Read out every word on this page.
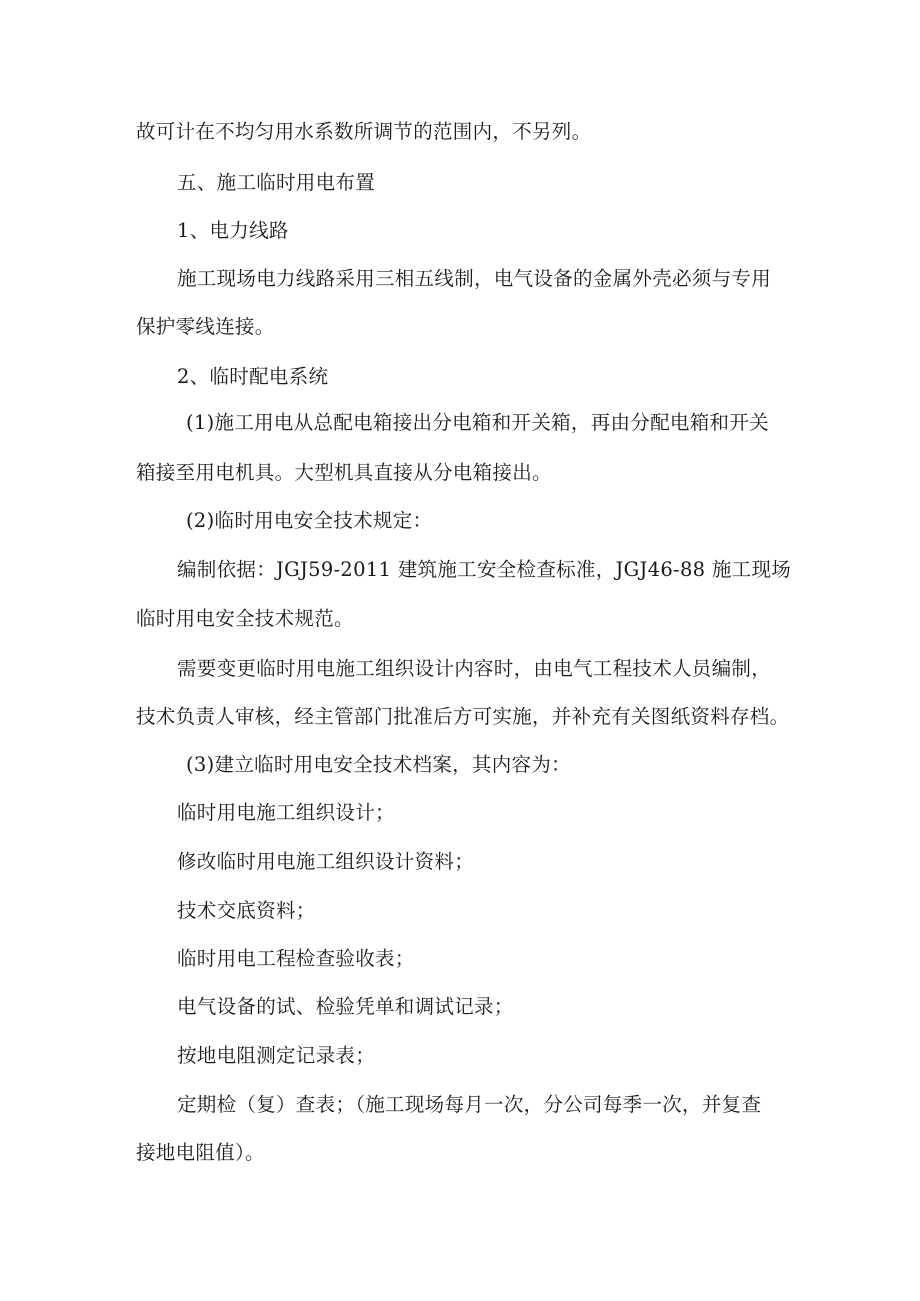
故可计在不均匀用水系数所调节的范围内，不另列。
五、施工临时用电布置
1、电力线路
施工现场电力线路采用三相五线制，电气设备的金属外壳必须与专用
保护零线连接。
2、临时配电系统
(1)施工用电从总配电箱接出分电箱和开关箱，再由分配电箱和开关
箱接至用电机具。大型机具直接从分电箱接出。
(2)临时用电安全技术规定：
编制依据：JGJ59-2011 建筑施工安全检查标准，JGJ46-88 施工现场
临时用电安全技术规范。
需要变更临时用电施工组织设计内容时，由电气工程技术人员编制，
技术负责人审核，经主管部门批准后方可实施，并补充有关图纸资料存档。
(3)建立临时用电安全技术档案，其内容为：
临时用电施工组织设计；
修改临时用电施工组织设计资料；
技术交底资料；
临时用电工程检查验收表；
电气设备的试、检验凭单和调试记录；
按地电阻测定记录表；
定期检（复）查表；（施工现场每月一次，分公司每季一次，并复查
接地电阻值）。
